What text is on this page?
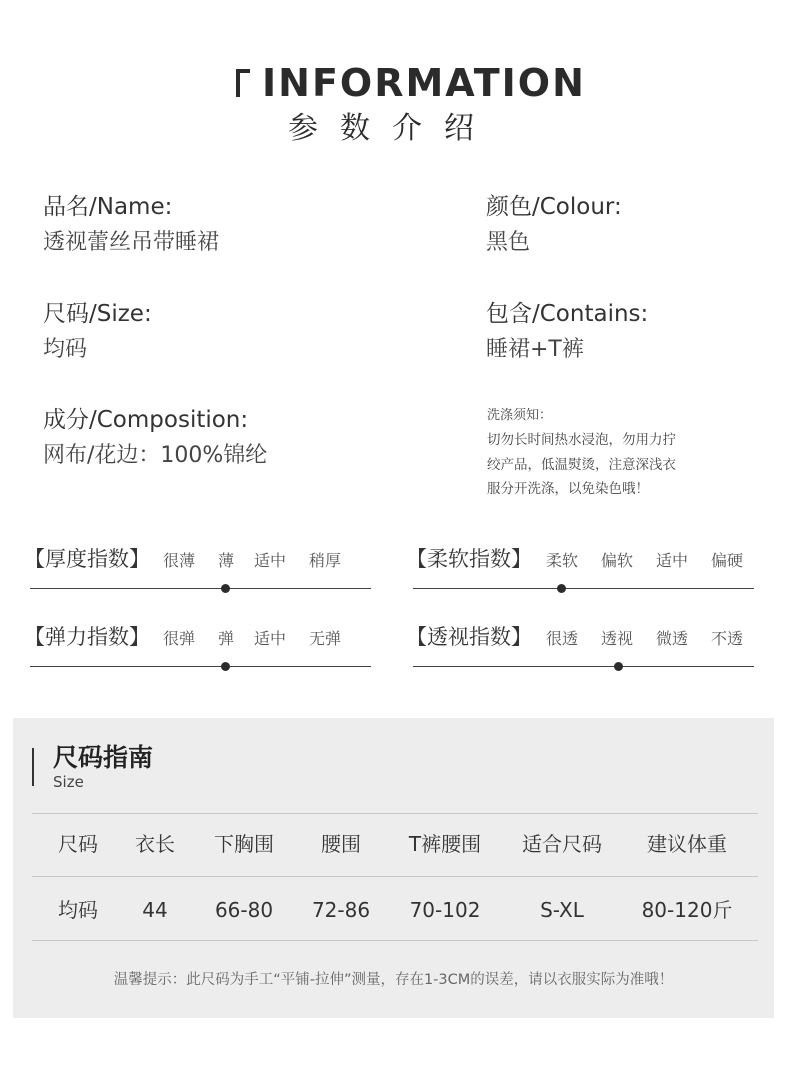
INFORMATION
参数介绍
品名/Name:
透视蕾丝吊带睡裙
尺码/Size:
均码
成分/Composition:
网布/花边：100%锦纶
颜色/Colour:
黑色
包含/Contains:
睡裙+T裤
洗涤须知：
切勿长时间热水浸泡，勿用力拧
绞产品，低温熨烫，注意深浅衣
服分开洗涤，以免染色哦！
【厚度指数】 很薄 薄 适中 稍厚	【柔软指数】 柔软 偏软 适中 偏硬
【弹力指数】 很弹 弹 适中 无弹	【透视指数】 很透 透视 微透 不透
尺码指南
Size
尺码	衣长	下胸围	腰围	T裤腰围	适合尺码	建议体重
均码	44	66-80	72-86	70-102	S-XL	80-120斤
温馨提示：此尺码为手工“平铺-拉伸”测量，存在1-3CM的误差，请以衣服实际为准哦！
